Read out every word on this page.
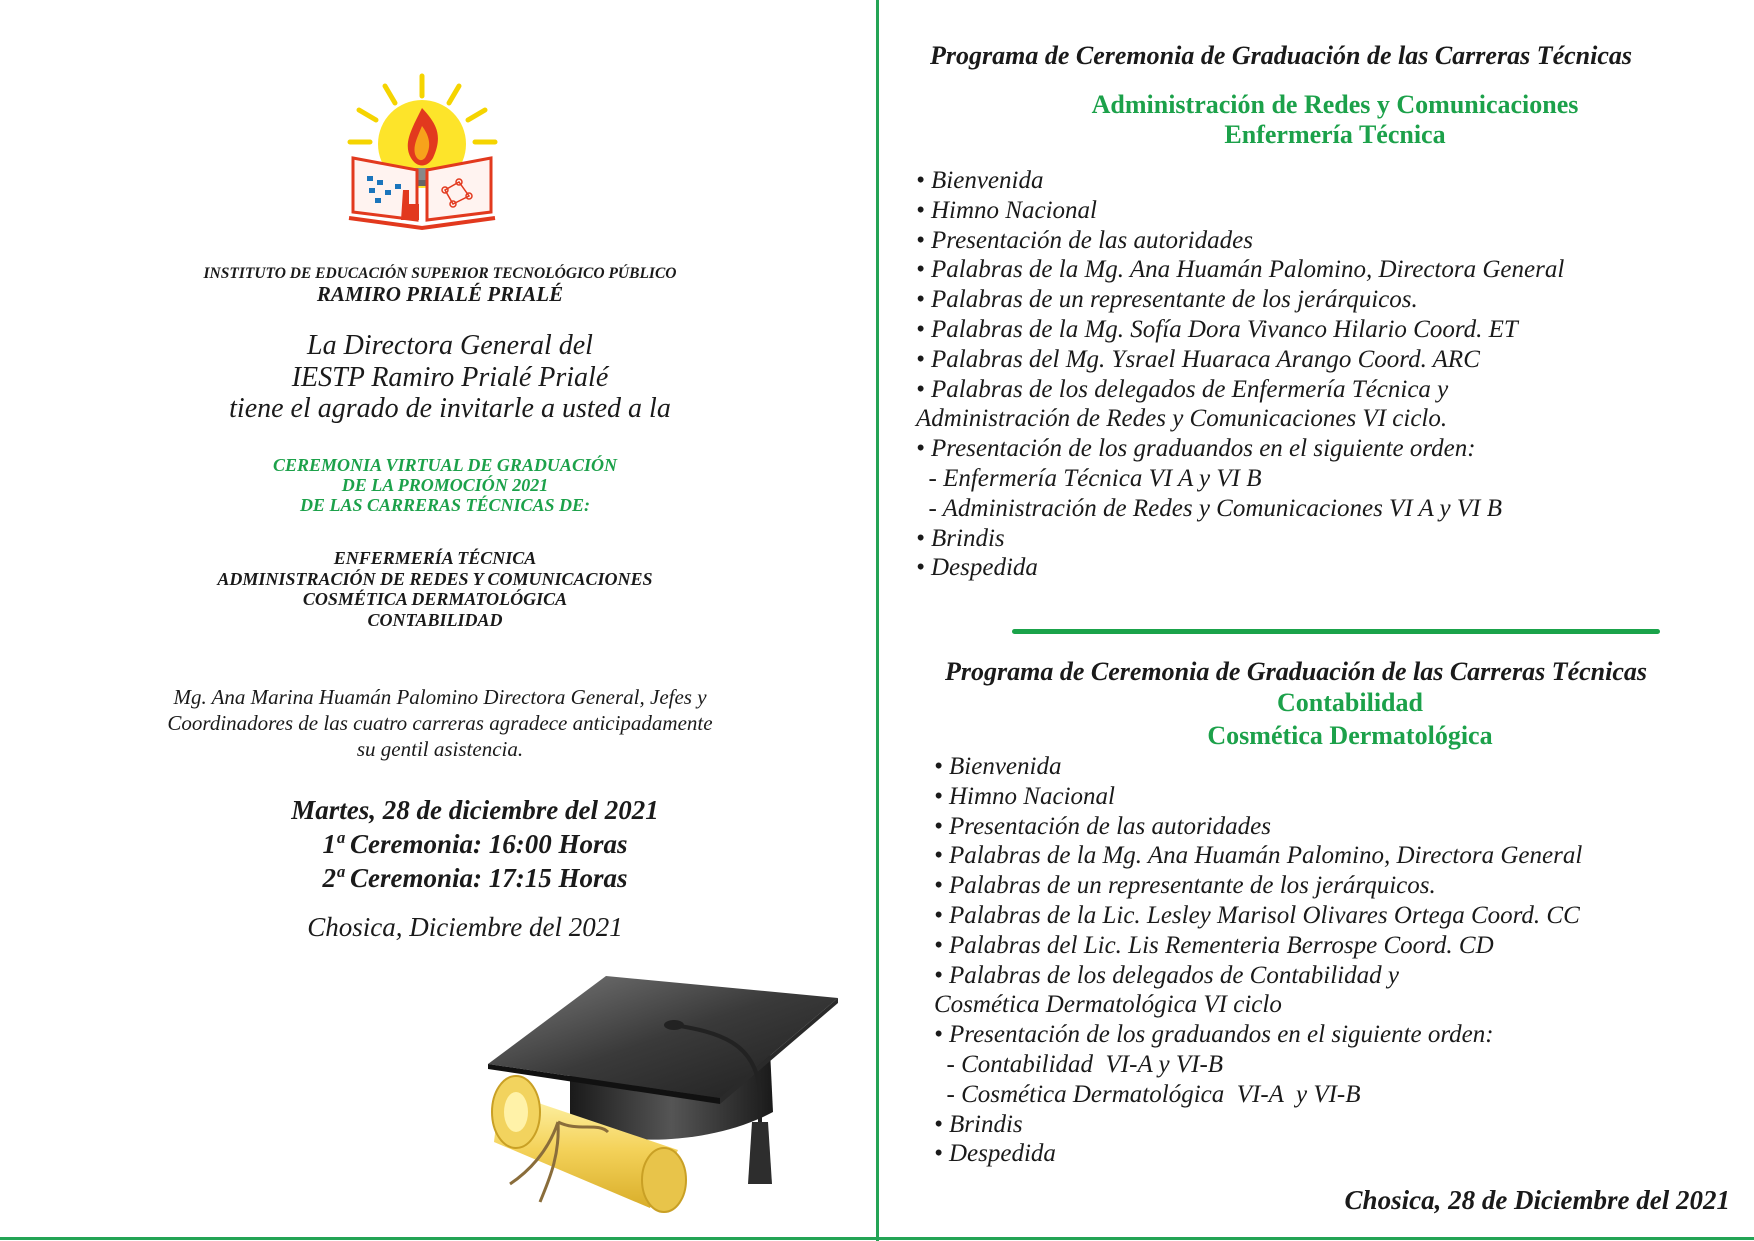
INSTITUTO DE EDUCACIÓN SUPERIOR TECNOLÓGICO PÚBLICO
RAMIRO PRIALÉ PRIALÉ
La Directora General del
IESTP Ramiro Prialé Prialé
tiene el agrado de invitarle a usted a la
CEREMONIA VIRTUAL DE GRADUACIÓN
DE LA PROMOCIÓN 2021
DE LAS CARRERAS TÉCNICAS DE:
ENFERMERÍA TÉCNICA
ADMINISTRACIÓN DE REDES Y COMUNICACIONES
COSMÉTICA DERMATOLÓGICA
CONTABILIDAD
Mg. Ana Marina Huamán Palomino Directora General, Jefes y
Coordinadores de las cuatro carreras agradece anticipadamente
su gentil asistencia.
Martes, 28 de diciembre del 2021
1ª Ceremonia: 16:00 Horas
2ª Ceremonia: 17:15 Horas
Chosica, Diciembre del 2021
Programa de Ceremonia de Graduación de las Carreras Técnicas
Administración de Redes y Comunicaciones
Enfermería Técnica
• Bienvenida
• Himno Nacional
• Presentación de las autoridades
• Palabras de la Mg. Ana Huamán Palomino, Directora General
• Palabras de un representante de los jerárquicos.
• Palabras de la Mg. Sofía Dora Vivanco Hilario Coord. ET
• Palabras del Mg. Ysrael Huaraca Arango Coord. ARC
• Palabras de los delegados de Enfermería Técnica y
Administración de Redes y Comunicaciones VI ciclo.
• Presentación de los graduandos en el siguiente orden:
- Enfermería Técnica VI A y VI B
- Administración de Redes y Comunicaciones VI A y VI B
• Brindis
• Despedida
Programa de Ceremonia de Graduación de las Carreras Técnicas
Contabilidad
Cosmética Dermatológica
• Bienvenida
• Himno Nacional
• Presentación de las autoridades
• Palabras de la Mg. Ana Huamán Palomino, Directora General
• Palabras de un representante de los jerárquicos.
• Palabras de la Lic. Lesley Marisol Olivares Ortega Coord. CC
• Palabras del Lic. Lis Rementeria Berrospe Coord. CD
• Palabras de los delegados de Contabilidad y
Cosmética Dermatológica VI ciclo
• Presentación de los graduandos en el siguiente orden:
- Contabilidad  VI-A y VI-B
- Cosmética Dermatológica  VI-A  y VI-B
• Brindis
• Despedida
Chosica, 28 de Diciembre del 2021
